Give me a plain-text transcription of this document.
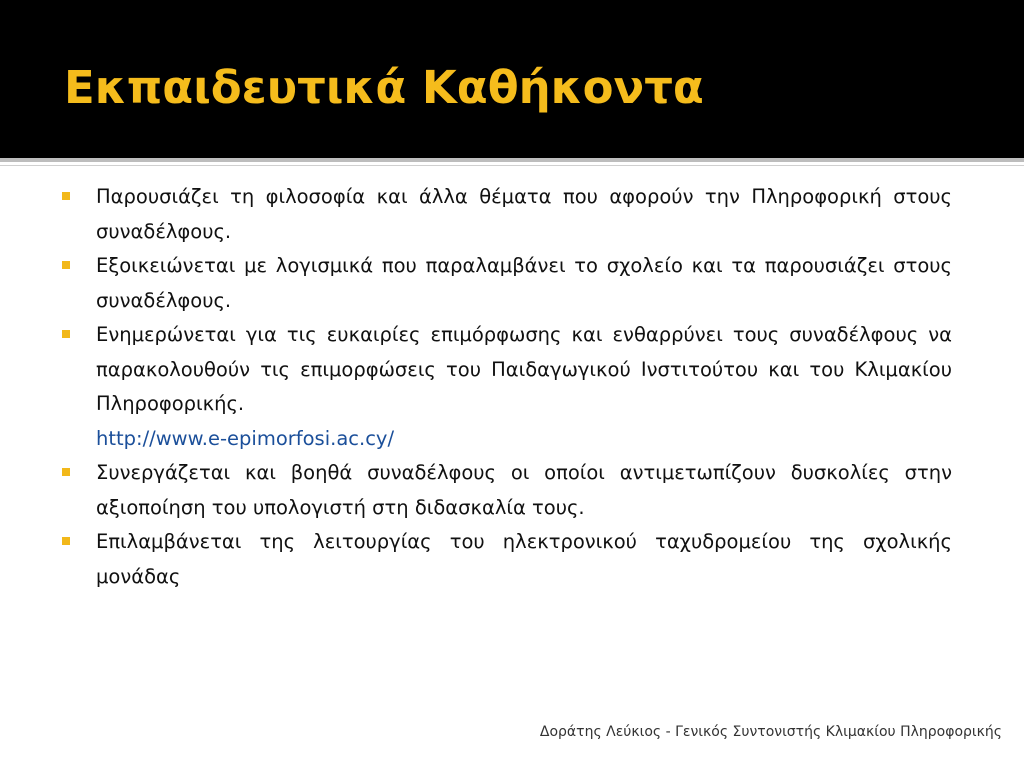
Εκπαιδευτικά Καθήκοντα
Παρουσιάζει τη φιλοσοφία και άλλα θέματα που αφορούν την Πληροφορική στους συναδέλφους.
Εξοικειώνεται με λογισμικά που παραλαμβάνει το σχολείο και τα παρουσιάζει στους συναδέλφους.
Ενημερώνεται για τις ευκαιρίες επιμόρφωσης και ενθαρρύνει τους συναδέλφους να παρακολουθούν τις επιμορφώσεις του Παιδαγωγικού Ινστιτούτου και του Κλιμακίου Πληροφορικής.
http://www.e-epimorfosi.ac.cy/
Συνεργάζεται και βοηθά συναδέλφους οι οποίοι αντιμετωπίζουν δυσκολίες στην αξιοποίηση του υπολογιστή στη διδασκαλία τους.
Επιλαμβάνεται της λειτουργίας του ηλεκτρονικού ταχυδρομείου της σχολικής μονάδας
Δοράτης Λεύκιος - Γενικός Συντονιστής Κλιμακίου Πληροφορικής
